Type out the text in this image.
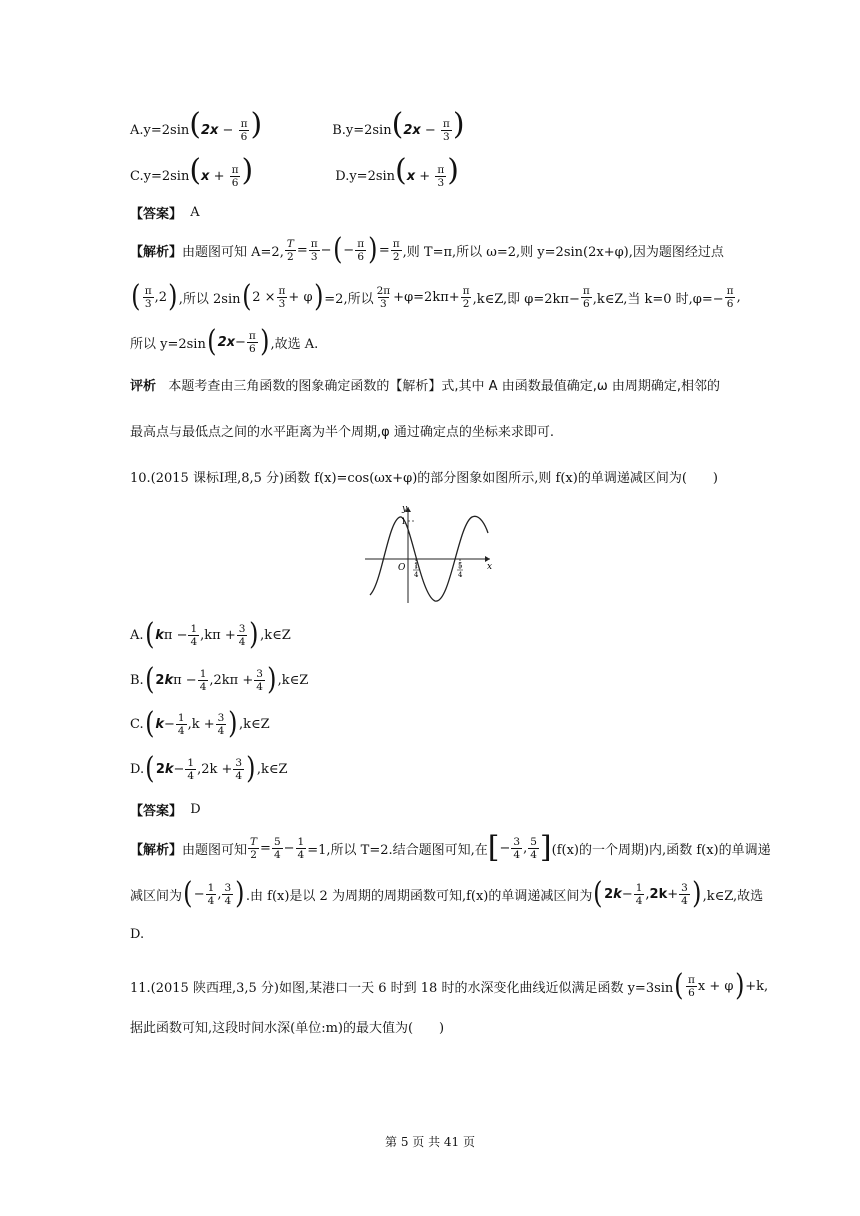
$A.y=2\sin(2x - \frac{\pi}{6}$ )	$B.y=2\sin(2x - \frac{\pi}{3}$ )
$C.y=2\sin(x + \frac{\pi}{6}$ )	$D.y=2\sin(x + \frac{\pi}{3}$ )
【答案】
A
【解析】 由题图可知 A=2, $\frac{T}{2} = \frac{\pi}{3}$ − ( − $\frac{\pi}{6}$ ) = $\frac{\pi}{2}$ ,则 T=π,所以 ω=2,则 y=2sin(2x+φ),因为题图经过点
( $\frac{\pi}{3} ,2$ ) ,所以 2sin ( $2 \times \frac{\pi}{3} + \varphi$ ) =2,所以 $\frac{2\pi}{3} +\varphi=2k\pi+ \frac{\pi}{2}$ ,k∈Z,即 $\varphi=2k\pi- \frac{\pi}{6}$ ,k∈Z,当 k=0 时$,\varphi=- \frac{\pi}{6}$ ,
所以 y=2sin ( $2x - \frac{\pi}{6}$ ) ,故选 A.
评析
本题考查由三角函数的图象确定函数的【解析】式,其中 A 由函数最值确定,ω 由周期确定,相邻的
最高点与最低点之间的水平距离为半个周期,φ 通过确定点的坐标来求即可.
10.(2015 课标Ⅰ理,8,5 分)函数 f(x)=cos(ωx+φ)的部分图象如图所示,则 f(x)的单调递减区间为(　　)
y
1
O	x
1
4
5
4
A. ( k $\pi - \frac{1}{4} ,k\pi + \frac{3}{4}$ ) ,k∈Z
B. ( 2k $\pi - \frac{1}{4} ,2k\pi + \frac{3}{4}$ ) ,k∈Z
C. ( $k - \frac{1}{4} ,k + \frac{3}{4}$ ) ,k∈Z
D. ( $2k - \frac{1}{4} ,2k + \frac{3}{4}$ ) ,k∈Z
【答案】
D
【解析】 由题图可知 $\frac{T}{2} = \frac{5}{4} - \frac{1}{4} =1$,所以 T=2.结合题图可知,在 [ − $\frac{3}{4}$ , $\frac{5}{4}$ ] (f(x)的一个周期)内,函数 f(x)的单调递
减区间为 ( − $\frac{1}{4}$ , $\frac{3}{4}$ ) .由 f(x)是以 2 为周期的周期函数可知,f(x)的单调递减区间为 ( $2k - \frac{1}{4}$ , $2k + \frac{3}{4}$ ) ,k∈Z,故选
D.
11.(2015 陕西理,3,5 分)如图,某港口一天 6 时到 18 时的水深变化曲线近似满足函数 y=3sin ( $\frac{\pi}{6}$ x + φ ) +k,
据此函数可知,这段时间水深(单位:m)的最大值为(　　)
第 5 页 共 41 页
